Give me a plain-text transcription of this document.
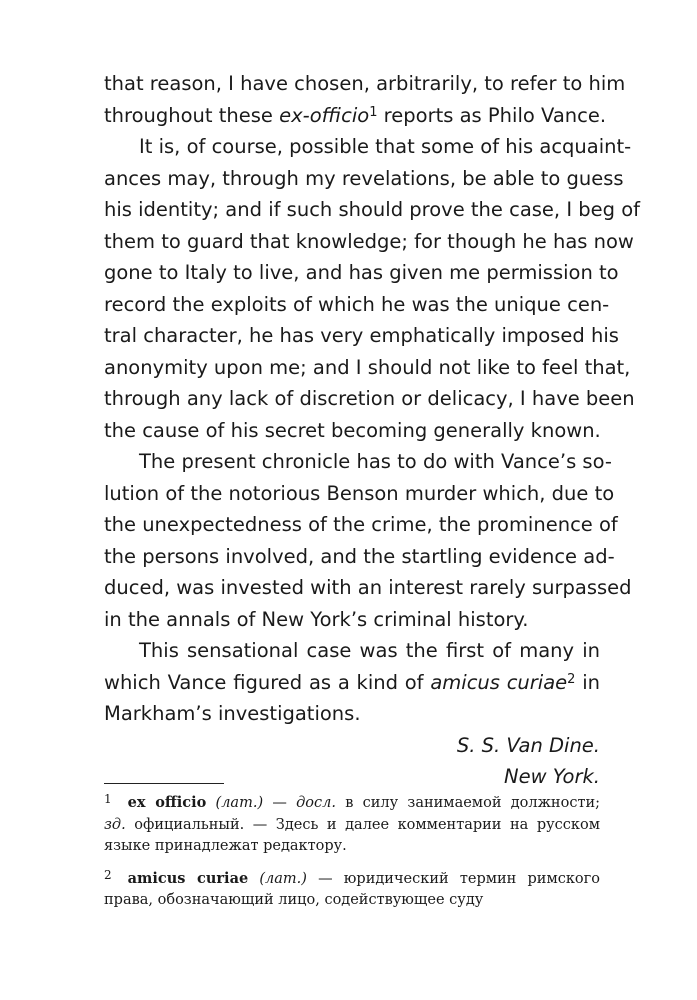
that reason, I have chosen, arbitrarily, to refer to him
throughout these ex-officio$^1$ reports as Philo Vance.
It is, of course, possible that some of his acquaint-
ances may, through my revelations, be able to guess
his identity; and if such should prove the case, I beg of
them to guard that knowledge; for though he has now
gone to Italy to live, and has given me permission to
record the exploits of which he was the unique cen-
tral character, he has very emphatically imposed his
anonymity upon me; and I should not like to feel that,
through any lack of discretion or delicacy, I have been
the cause of his secret becoming generally known.
The present chronicle has to do with Vance’s so-
lution of the notorious Benson murder which, due to
the unexpectedness of the crime, the prominence of
the persons involved, and the startling evidence ad-
duced, was invested with an interest rarely surpassed
in the annals of New York’s criminal history.
This sensational case was the first of many in
which Vance figured as a kind of amicus curiae$^2$ in
Markham’s investigations.
S. S. Van Dine.
New York.
$^1$ ex officio (лат.) — досл. в силу занимаемой должности;
зд. официальный. — Здесь и далее комментарии на русском
языке принадлежат редактору.
$^2$ amicus curiae (лат.) — юридический термин римского
права, обозначающий лицо, содействующее суду
